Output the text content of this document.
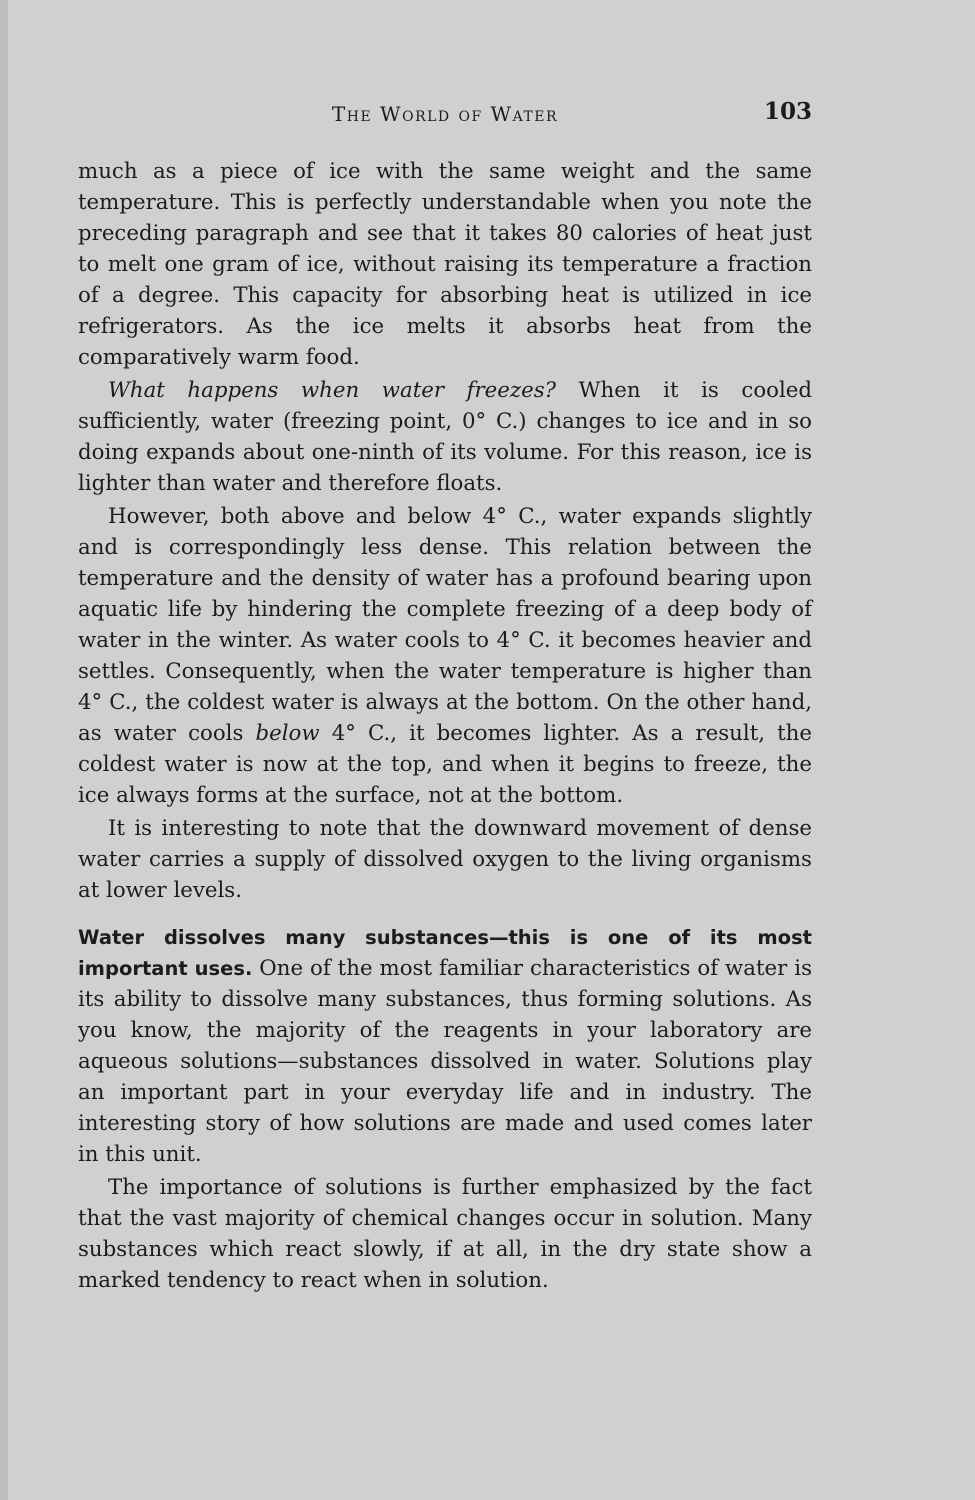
The World of Water	103

much as a piece of ice with the same weight and the same temperature. This is perfectly understandable when you note the preceding paragraph and see that it takes 80 calories of heat just to melt one gram of ice, without raising its temperature a fraction of a degree. This capacity for absorbing heat is utilized in ice refrigerators. As the ice melts it absorbs heat from the comparatively warm food.

What happens when water freezes? When it is cooled sufficiently, water (freezing point, 0° C.) changes to ice and in so doing expands about one-ninth of its volume. For this reason, ice is lighter than water and therefore floats.

However, both above and below 4° C., water expands slightly and is correspondingly less dense. This relation between the temperature and the density of water has a profound bearing upon aquatic life by hindering the complete freezing of a deep body of water in the winter. As water cools to 4° C. it becomes heavier and settles. Consequently, when the water temperature is higher than 4° C., the coldest water is always at the bottom. On the other hand, as water cools below 4° C., it becomes lighter. As a result, the coldest water is now at the top, and when it begins to freeze, the ice always forms at the surface, not at the bottom.

It is interesting to note that the downward movement of dense water carries a supply of dissolved oxygen to the living organisms at lower levels.

Water dissolves many substances—this is one of its most important uses. One of the most familiar characteristics of water is its ability to dissolve many substances, thus forming solutions. As you know, the majority of the reagents in your laboratory are aqueous solutions—substances dissolved in water. Solutions play an important part in your everyday life and in industry. The interesting story of how solutions are made and used comes later in this unit.

The importance of solutions is further emphasized by the fact that the vast majority of chemical changes occur in solution. Many substances which react slowly, if at all, in the dry state show a marked tendency to react when in solution.
